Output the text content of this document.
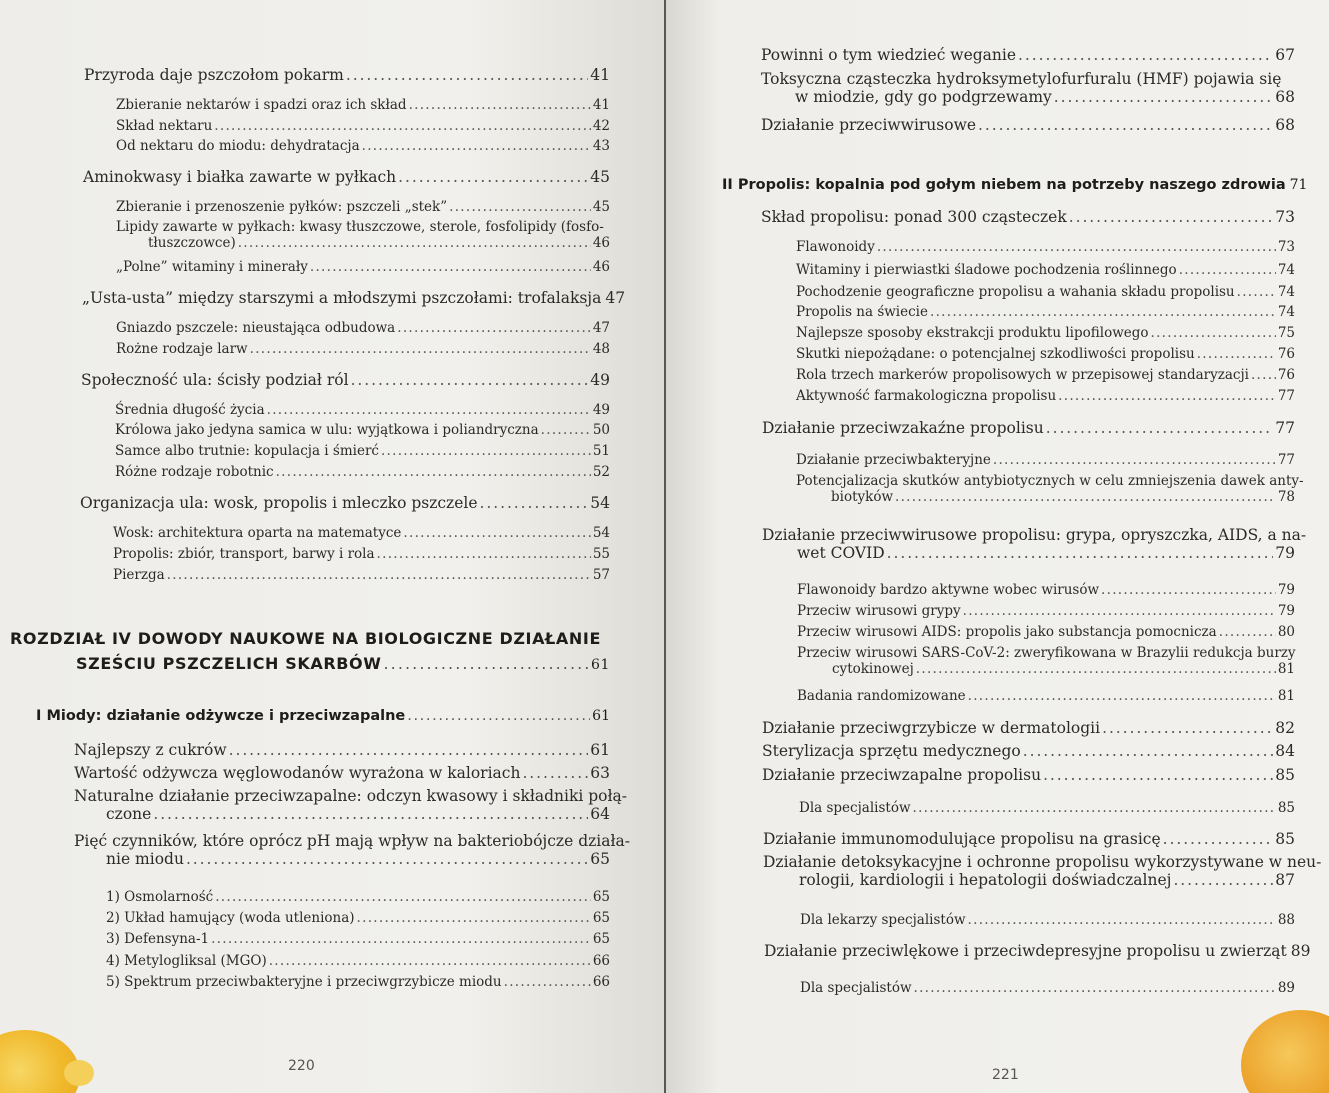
Przyroda daje pszczołom pokarm . . .	41
Zbieranie nektarów i spadzi oraz ich skład . . .	41
Skład nektaru . . .	42
Od nektaru do miodu: dehydratacja . . .	43
Aminokwasy i białka zawarte w pyłkach . . .	45
Zbieranie i przenoszenie pyłków: pszczeli „stek” . . .	45
Lipidy zawarte w pyłkach: kwasy tłuszczowe, sterole, fosfolipidy (fosfo-
tłuszczowce) . . .	46
„Polne” witaminy i minerały . . .	46
„Usta-usta” między starszymi a młodszymi pszczołami: trofalaksja 47
Gniazdo pszczele: nieustająca odbudowa . . .	47
Rożne rodzaje larw . . .	48
Społeczność ula: ścisły podział ról . . .	49
Średnia długość życia . . .	49
Królowa jako jedyna samica w ulu: wyjątkowa i poliandryczna . . .	50
Samce albo trutnie: kopulacja i śmierć . . .	51
Różne rodzaje robotnic . . .	52
Organizacja ula: wosk, propolis i mleczko pszczele . . .	54
Wosk: architektura oparta na matematyce . . .	54
Propolis: zbiór, transport, barwy i rola . . .	55
Pierzga . . .	57
ROZDZIAŁ IV DOWODY NAUKOWE NA BIOLOGICZNE DZIAŁANIE
SZEŚCIU PSZCZELICH SKARBÓW . . .	61
I Miody: działanie odżywcze i przeciwzapalne . . .	61
Najlepszy z cukrów . . .	61
Wartość odżywcza węglowodanów wyrażona w kaloriach . . .	63
Naturalne działanie przeciwzapalne: odczyn kwasowy i składniki połą-
czone . . .	64
Pięć czynników, które oprócz pH mają wpływ na bakteriobójcze działa-
nie miodu . . .	65
1) Osmolarność . . .	65
2) Układ hamujący (woda utleniona) . . .	65
3) Defensyna-1 . . .	65
4) Metylogliksal (MGO) . . .	66
5) Spektrum przeciwbakteryjne i przeciwgrzybicze miodu . . .	66
220
Powinni o tym wiedzieć weganie . . .	67
Toksyczna cząsteczka hydroksymetylofurfuralu (HMF) pojawia się
w miodzie, gdy go podgrzewamy . . .	68
Działanie przeciwwirusowe . . .	68
II Propolis: kopalnia pod gołym niebem na potrzeby naszego zdrowia 71
Skład propolisu: ponad 300 cząsteczek . . .	73
Flawonoidy . . .	73
Witaminy i pierwiastki śladowe pochodzenia roślinnego . . .	74
Pochodzenie geograficzne propolisu a wahania składu propolisu . . .	74
Propolis na świecie . . .	74
Najlepsze sposoby ekstrakcji produktu lipofilowego . . .	75
Skutki niepożądane: o potencjalnej szkodliwości propolisu . . .	76
Rola trzech markerów propolisowych w przepisowej standaryzacji . . . 76
Aktywność farmakologiczna propolisu . . .	77
Działanie przeciwzakaźne propolisu . . .	77
Działanie przeciwbakteryjne . . .	77
Potencjalizacja skutków antybiotycznych w celu zmniejszenia dawek anty-
biotyków . . .	78
Działanie przeciwwirusowe propolisu: grypa, opryszczka, AIDS, a na-
wet COVID . . .	79
Flawonoidy bardzo aktywne wobec wirusów . . .	79
Przeciw wirusowi grypy . . .	79
Przeciw wirusowi AIDS: propolis jako substancja pomocnicza . . .	80
Przeciw wirusowi SARS-CoV-2: zweryfikowana w Brazylii redukcja burzy
cytokinowej . . .	81
Badania randomizowane . . .	81
Działanie przeciwgrzybicze w dermatologii . . .	82
Sterylizacja sprzętu medycznego . . .	84
Działanie przeciwzapalne propolisu . . .	85
Dla specjalistów . . .	85
Działanie immunomodulujące propolisu na grasicę . . .	85
Działanie detoksykacyjne i ochronne propolisu wykorzystywane w neu-
rologii, kardiologii i hepatologii doświadczalnej . . .	87
Dla lekarzy specjalistów . . .	88
Działanie przeciwlękowe i przeciwdepresyjne propolisu u zwierząt 89
Dla specjalistów . . .	89
221
